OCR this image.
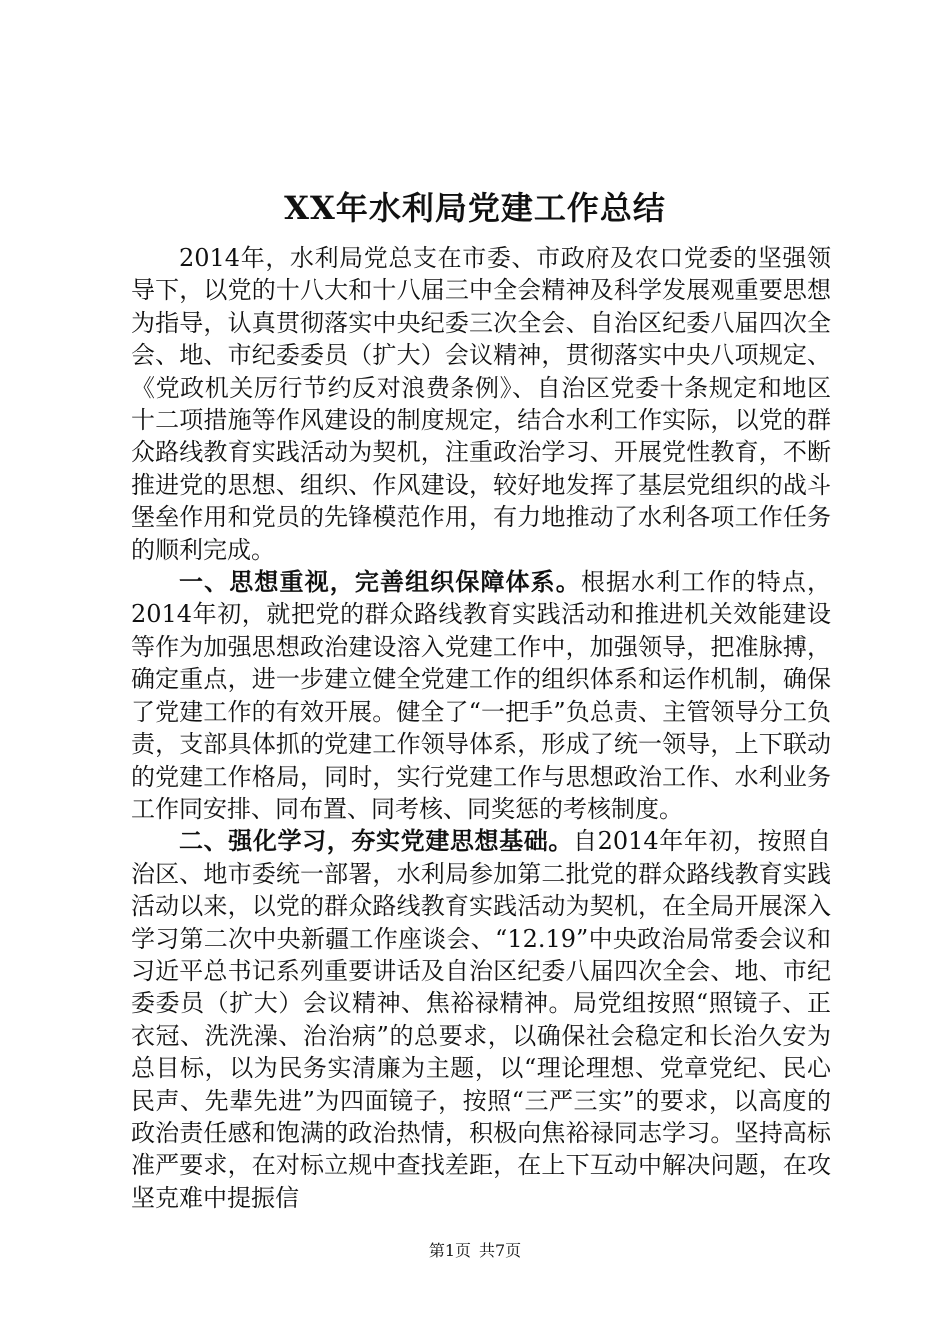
XX年水利局党建工作总结

2014年，水利局党总支在市委、市政府及农口党委的坚强领导下，以党的十八大和十八届三中全会精神及科学发展观重要思想为指导，认真贯彻落实中央纪委三次全会、自治区纪委八届四次全会、地、市纪委委员（扩大）会议精神，贯彻落实中央八项规定、《党政机关厉行节约反对浪费条例》、自治区党委十条规定和地区十二项措施等作风建设的制度规定，结合水利工作实际，以党的群众路线教育实践活动为契机，注重政治学习、开展党性教育，不断推进党的思想、组织、作风建设，较好地发挥了基层党组织的战斗堡垒作用和党员的先锋模范作用，有力地推动了水利各项工作任务的顺利完成。

一、思想重视，完善组织保障体系。根据水利工作的特点，2014年初，就把党的群众路线教育实践活动和推进机关效能建设等作为加强思想政治建设溶入党建工作中，加强领导，把准脉搏，确定重点，进一步建立健全党建工作的组织体系和运作机制，确保了党建工作的有效开展。健全了“一把手”负总责、主管领导分工负责，支部具体抓的党建工作领导体系，形成了统一领导，上下联动的党建工作格局，同时，实行党建工作与思想政治工作、水利业务工作同安排、同布置、同考核、同奖惩的考核制度。

二、强化学习，夯实党建思想基础。自2014年年初，按照自治区、地市委统一部署，水利局参加第二批党的群众路线教育实践活动以来，以党的群众路线教育实践活动为契机，在全局开展深入学习第二次中央新疆工作座谈会、“12.19”中央政治局常委会议和习近平总书记系列重要讲话及自治区纪委八届四次全会、地、市纪委委员（扩大）会议精神、焦裕禄精神。局党组按照“照镜子、正衣冠、洗洗澡、治治病”的总要求，以确保社会稳定和长治久安为总目标，以为民务实清廉为主题，以“理论理想、党章党纪、民心民声、先辈先进”为四面镜子，按照“三严三实”的要求，以高度的政治责任感和饱满的政治热情，积极向焦裕禄同志学习。坚持高标准严要求，在对标立规中查找差距，在上下互动中解决问题，在攻坚克难中提振信

第1页 共7页
